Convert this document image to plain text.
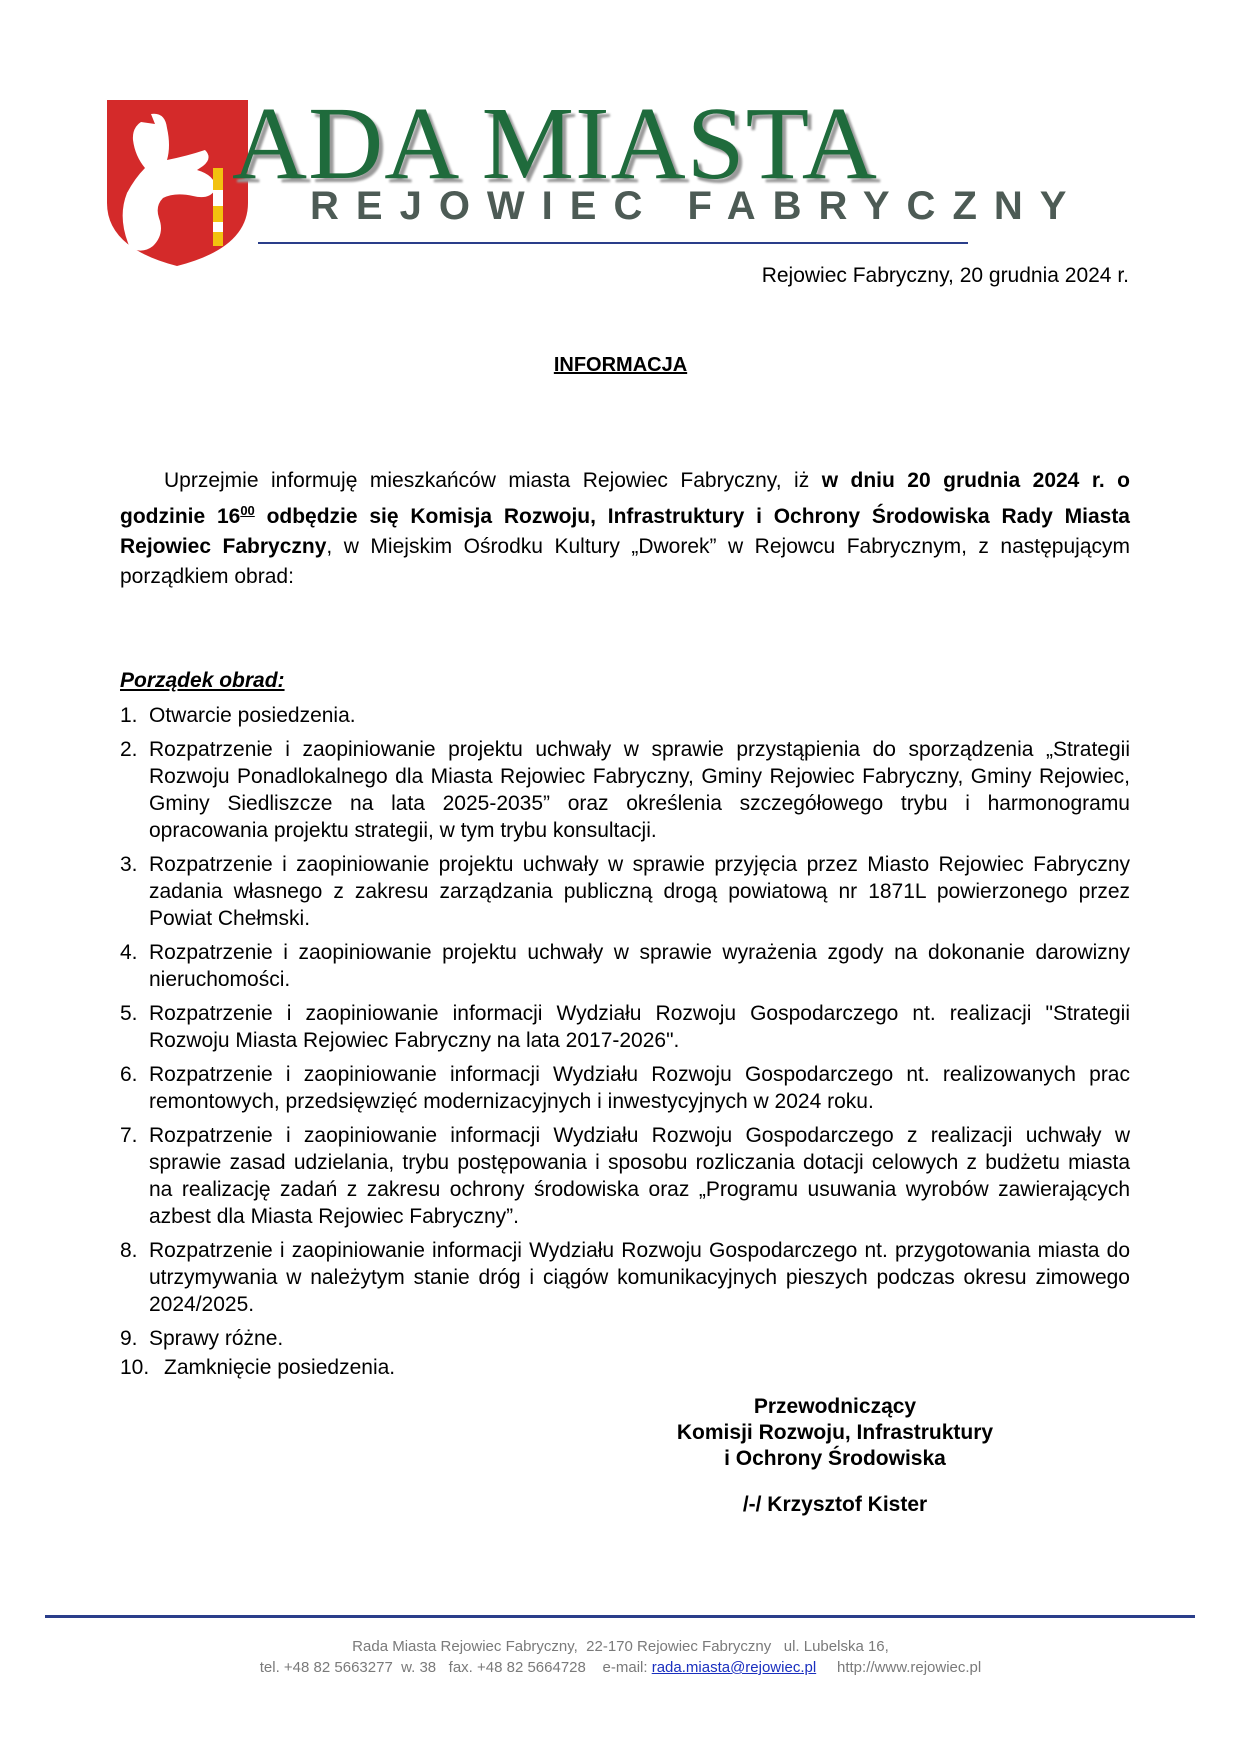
ADA MIASTA
REJOWIEC FABRYCZNY
Rejowiec Fabryczny, 20 grudnia 2024 r.
INFORMACJA
Uprzejmie informuję mieszkańców miasta Rejowiec Fabryczny, iż w dniu 20 grudnia 2024 r. o godzinie $16^{00}$ odbędzie się Komisja Rozwoju, Infrastruktury i Ochrony Środowiska Rady Miasta Rejowiec Fabryczny, w Miejskim Ośrodku Kultury „Dworek” w Rejowcu Fabrycznym, z następującym porządkiem obrad:
Porządek obrad:
1. Otwarcie posiedzenia.
2. Rozpatrzenie i zaopiniowanie projektu uchwały w sprawie przystąpienia do sporządzenia „Strategii Rozwoju Ponadlokalnego dla Miasta Rejowiec Fabryczny, Gminy Rejowiec Fabryczny, Gminy Rejowiec, Gminy Siedliszcze na lata 2025-2035” oraz określenia szczegółowego trybu i harmonogramu opracowania projektu strategii, w tym trybu konsultacji.
3. Rozpatrzenie i zaopiniowanie projektu uchwały w sprawie przyjęcia przez Miasto Rejowiec Fabryczny zadania własnego z zakresu zarządzania publiczną drogą powiatową nr 1871L powierzonego przez Powiat Chełmski.
4. Rozpatrzenie i zaopiniowanie projektu uchwały w sprawie wyrażenia zgody na dokonanie darowizny nieruchomości.
5. Rozpatrzenie i zaopiniowanie informacji Wydziału Rozwoju Gospodarczego nt. realizacji "Strategii Rozwoju Miasta Rejowiec Fabryczny na lata 2017-2026".
6. Rozpatrzenie i zaopiniowanie informacji Wydziału Rozwoju Gospodarczego nt. realizowanych prac remontowych, przedsięwzięć modernizacyjnych i inwestycyjnych w 2024 roku.
7. Rozpatrzenie i zaopiniowanie informacji Wydziału Rozwoju Gospodarczego z realizacji uchwały w sprawie zasad udzielania, trybu postępowania i sposobu rozliczania dotacji celowych z budżetu miasta na realizację zadań z zakresu ochrony środowiska oraz „Programu usuwania wyrobów zawierających azbest dla Miasta Rejowiec Fabryczny”.
8. Rozpatrzenie i zaopiniowanie informacji Wydziału Rozwoju Gospodarczego nt. przygotowania miasta do utrzymywania w należytym stanie dróg i ciągów komunikacyjnych pieszych podczas okresu zimowego 2024/2025.
9. Sprawy różne.
10. Zamknięcie posiedzenia.
Przewodniczący
Komisji Rozwoju, Infrastruktury
i Ochrony Środowiska
/-/ Krzysztof Kister
Rada Miasta Rejowiec Fabryczny,  22-170 Rejowiec Fabryczny   ul. Lubelska 16,
tel. +48 82 5663277  w. 38   fax. +48 82 5664728    e-mail: rada.miasta@rejowiec.pl     http://www.rejowiec.pl
